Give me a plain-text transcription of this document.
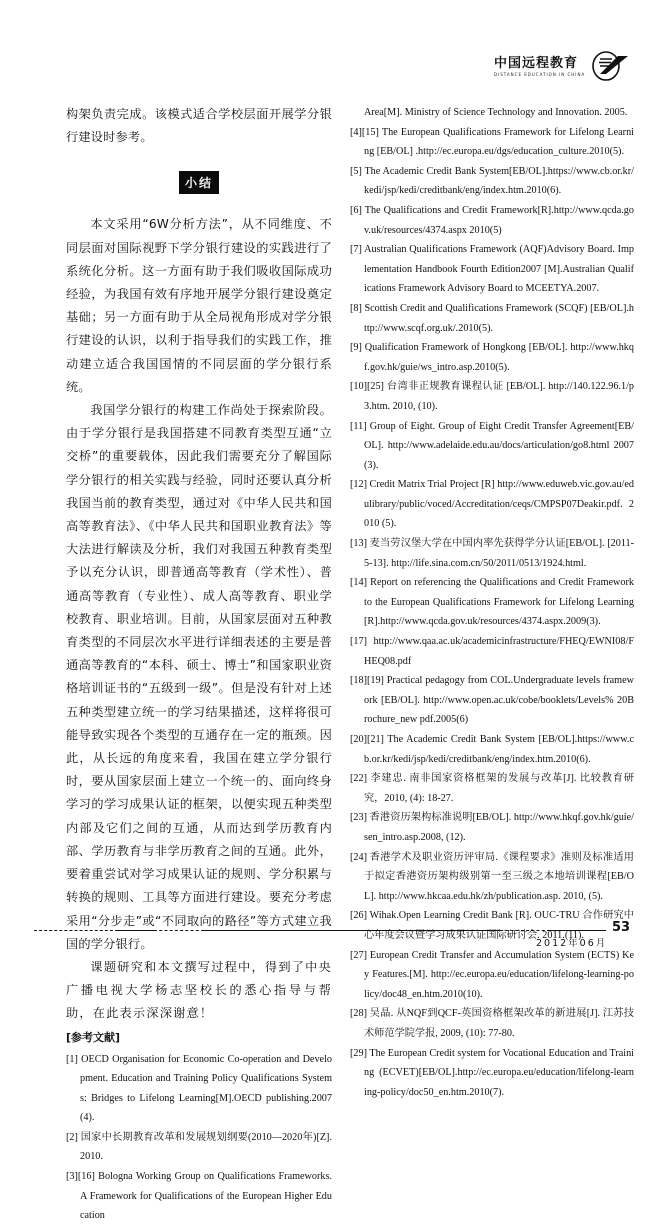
中国远程教育
DISTANCE EDUCATION IN CHINA

构架负责完成。该模式适合学校层面开展学分银行建设时参考。

小结

本文采用“6W分析方法”，从不同维度、不同层面对国际视野下学分银行建设的实践进行了系统化分析。这一方面有助于我们吸收国际成功经验，为我国有效有序地开展学分银行建设奠定基础；另一方面有助于从全局视角形成对学分银行建设的认识，以利于指导我们的实践工作，推动建立适合我国国情的不同层面的学分银行系统。

我国学分银行的构建工作尚处于探索阶段。由于学分银行是我国搭建不同教育类型互通“立交桥”的重要载体，因此我们需要充分了解国际学分银行的相关实践与经验，同时还要认真分析我国当前的教育类型，通过对《中华人民共和国高等教育法》、《中华人民共和国职业教育法》等大法进行解读及分析，我们对我国五种教育类型予以充分认识，即普通高等教育（学术性）、普通高等教育（专业性）、成人高等教育、职业学校教育、职业培训。目前，从国家层面对五种教育类型的不同层次水平进行详细表述的主要是普通高等教育的“本科、硕士、博士”和国家职业资格培训证书的“五级到一级”。但是没有针对上述五种类型建立统一的学习结果描述，这样将很可能导致实现各个类型的互通存在一定的瓶颈。因此，从长远的角度来看，我国在建立学分银行时，要从国家层面上建立一个统一的、面向终身学习的学习成果认证的框架，以便实现五种类型内部及它们之间的互通，从而达到学历教育内部、学历教育与非学历教育之间的互通。此外，要着重尝试对学习成果认证的规则、学分积累与转换的规则、工具等方面进行建设。要充分考虑采用“分步走”或“不同取向的路径”等方式建立我国的学分银行。

课题研究和本文撰写过程中，得到了中央广播电视大学杨志坚校长的悉心指导与帮助，在此表示深深谢意！

[参考文献]

[1] OECD Organisation for Economic Co-operation and Development. Education and Training Policy Qualifications Systems: Bridges to Lifelong Learning[M].OECD publishing.2007(4).

[2] 国家中长期教育改革和发展规划纲要(2010—2020年)[Z]. 2010.

[3][16] Bologna Working Group on Qualifications Frameworks. A Framework for Qualifications of the European Higher Education

Area[M]. Ministry of Science Technology and Innovation. 2005.

[4][15] The European Qualifications Framework for Lifelong Learning [EB/OL] .http://ec.europa.eu/dgs/education_culture.2010(5).

[5] The Academic Credit Bank System[EB/OL].https://www.cb.or.kr/kedi/jsp/kedi/creditbank/eng/index.htm.2010(6).

[6] The Qualifications and Credit Framework[R].http://www.qcda.gov.uk/resources/4374.aspx 2010(5)

[7] Australian Qualifications Framework (AQF)Advisory Board. Implementation Handbook Fourth Edition2007 [M].Australian Qualifications Framework Advisory Board to MCEETYA.2007.

[8] Scottish Credit and Qualifications Framework (SCQF) [EB/OL].http://www.scqf.org.uk/.2010(5).

[9] Qualification Framework of Hongkong [EB/OL]. http://www.hkqf.gov.hk/guie/ws_intro.asp.2010(5).

[10][25] 台湾非正规教育课程认证 [EB/OL]. http://140.122.96.1/p3.htm. 2010, (10).

[11] Group of Eight. Group of Eight Credit Transfer Agreement[EB/OL]. http://www.adelaide.edu.au/docs/articulation/go8.html 2007(3).

[12] Credit Matrix Trial Project [R] http://www.eduweb.vic.gov.au/edulibrary/public/voced/Accreditation/ceqs/CMPSP07Deakir.pdf. 2010 (5).

[13] 麦当劳汉堡大学在中国内率先获得学分认证[EB/OL]. [2011-5-13]. http://life.sina.com.cn/50/2011/0513/1924.html.

[14] Report on referencing the Qualifications and Credit Framework to the European Qualifications Framework for Lifelong Learning[R].http://www.qcda.gov.uk/resources/4374.aspx.2009(3).

[17] http://www.qaa.ac.uk/academicinfrastructure/FHEQ/EWNI08/FHEQ08.pdf

[18][19] Practical pedagogy from COL.Undergraduate levels framework [EB/OL]. http://www.open.ac.uk/cobe/booklets/Levels% 20Brochure_new pdf.2005(6)

[20][21] The Academic Credit Bank System [EB/OL].https://www.cb.or.kr/kedi/jsp/kedi/creditbank/eng/index.htm.2010(6).

[22] 李建忠. 南非国家资格框架的发展与改革[J]. 比较教育研究，2010, (4): 18-27.

[23] 香港资历架构标准说明[EB/OL]. http://www.hkqf.gov.hk/guie/sen_intro.asp.2008, (12).

[24] 香港学术及职业资历评审局.《课程要求》准则及标准适用于拟定香港资历架构级别第一至三级之本地培训课程[EB/OL]. http://www.hkcaa.edu.hk/zh/publication.asp. 2010, (5).

[26] Wihak.Open Learning Credit Bank [R]. OUC-TRU 合作研究中心年度会议暨学习成果认证国际研讨会. 2011.(11).

[27] European Credit Transfer and Accumulation System (ECTS) Key Features.[M]. http://ec.europa.eu/education/lifelong-learning-policy/doc48_en.htm.2010(10).

[28] 吴晶. 从NQF到QCF-英国资格框架改革的新进展[J]. 江苏技术师范学院学报, 2009, (10): 77-80.

[29] The European Credit system for Vocational Education and Training (ECVET)[EB/OL].http://ec.europa.eu/education/lifelong-learning-policy/doc50_en.htm.2010(7).

53
2012年06月
